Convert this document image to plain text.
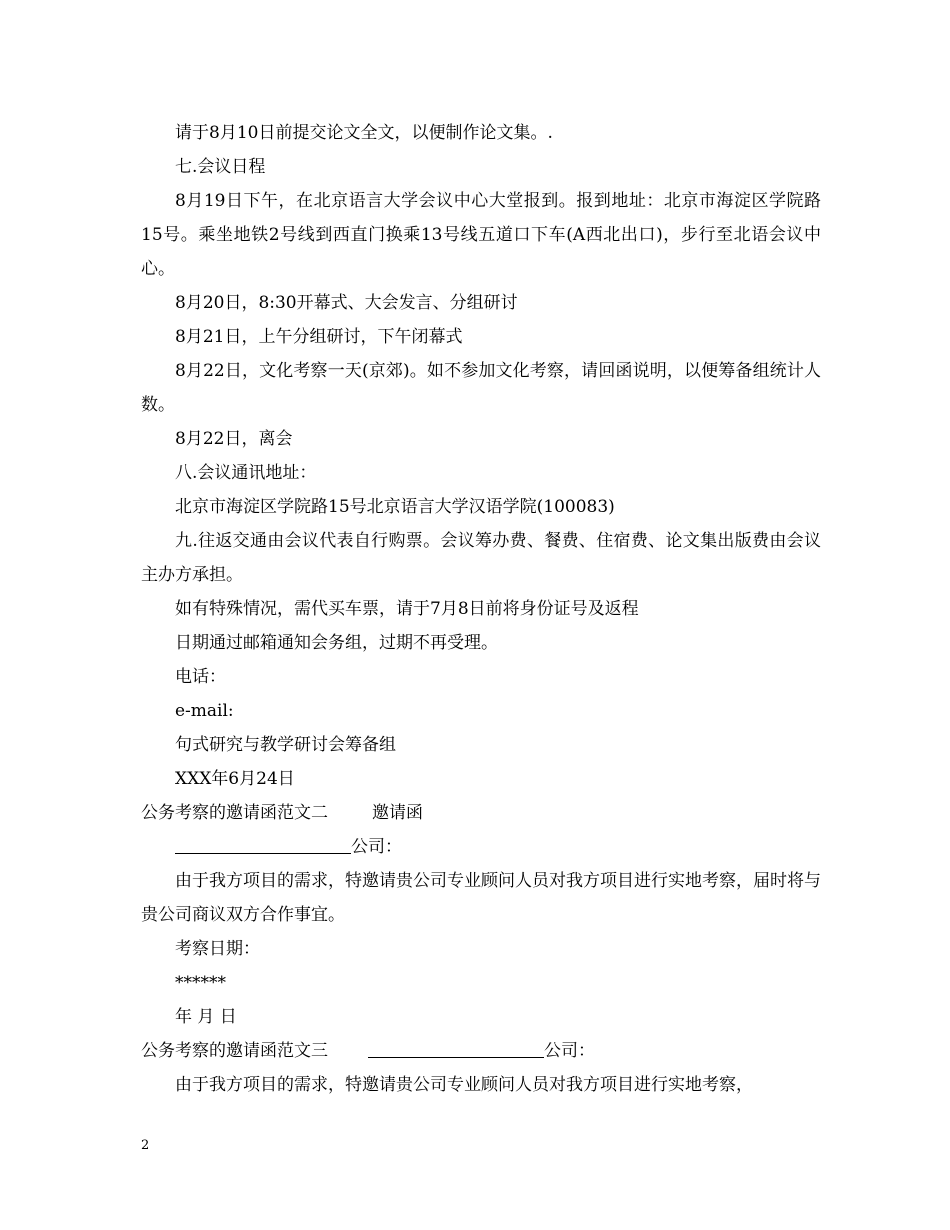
请于8月10日前提交论文全文，以便制作论文集。.

七.会议日程

8月19日下午，在北京语言大学会议中心大堂报到。报到地址：北京市海淀区学院路15号。乘坐地铁2号线到西直门换乘13号线五道口下车(A西北出口)，步行至北语会议中心。

8月20日，8:30开幕式、大会发言、分组研讨

8月21日，上午分组研讨，下午闭幕式

8月22日，文化考察一天(京郊)。如不参加文化考察，请回函说明，以便筹备组统计人数。

8月22日，离会

八.会议通讯地址：

北京市海淀区学院路15号北京语言大学汉语学院(100083)

九.往返交通由会议代表自行购票。会议筹办费、餐费、住宿费、论文集出版费由会议主办方承担。

如有特殊情况，需代买车票，请于7月8日前将身份证号及返程

日期通过邮箱通知会务组，过期不再受理。

电话：

e-mail:

句式研究与教学研讨会筹备组

XXX年6月24日

公务考察的邀请函范文二	邀请函

公司：

由于我方项目的需求，特邀请贵公司专业顾问人员对我方项目进行实地考察，届时将与贵公司商议双方合作事宜。

考察日期：

******

年 月 日

公务考察的邀请函范文三	公司：

由于我方项目的需求，特邀请贵公司专业顾问人员对我方项目进行实地考察，

2
